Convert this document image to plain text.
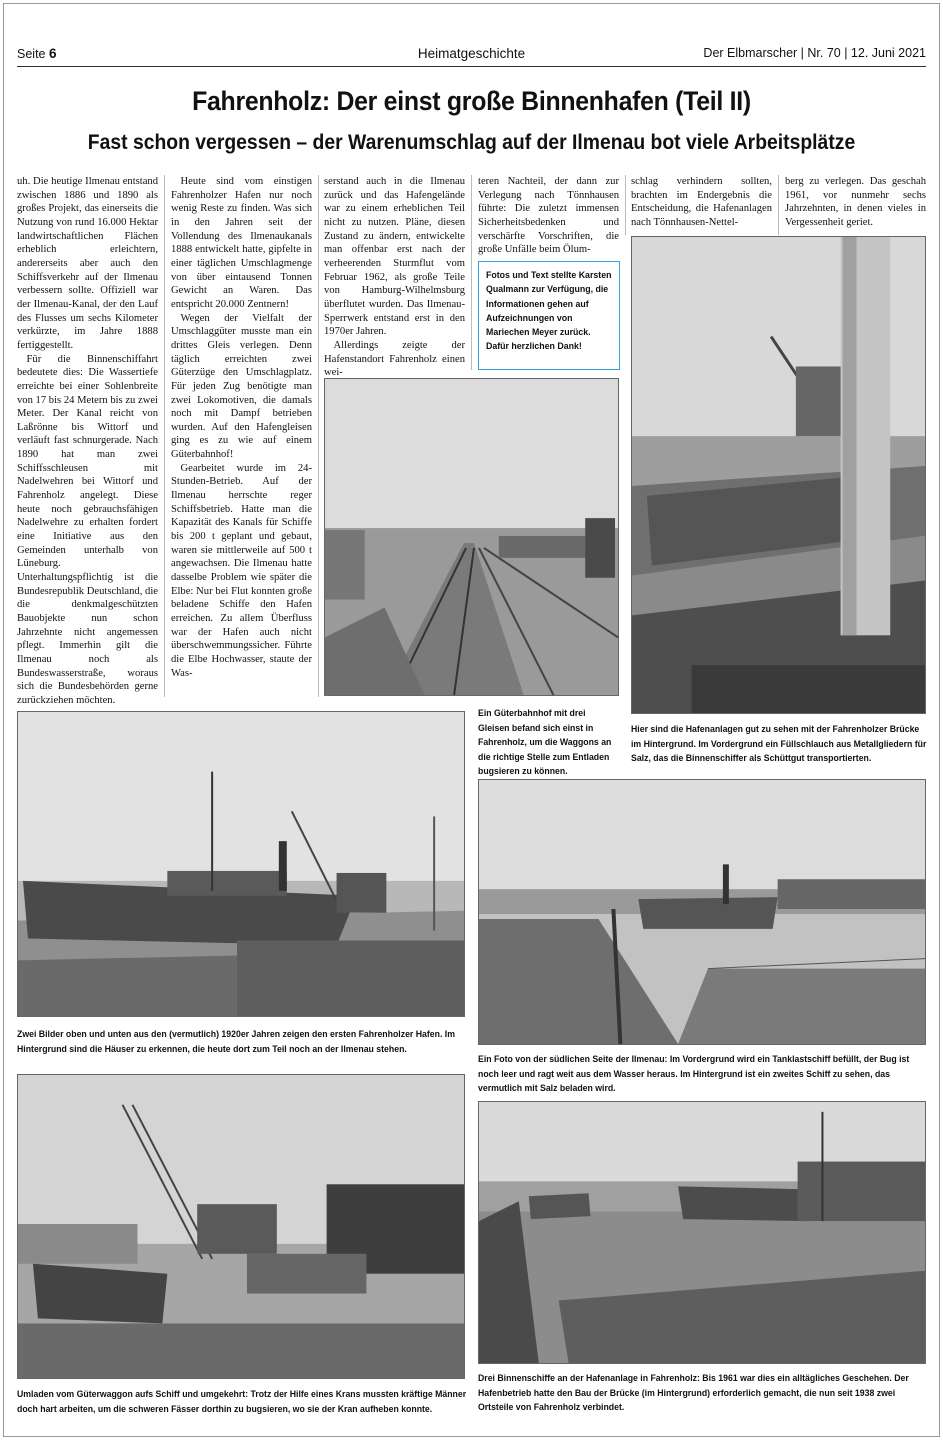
Seite 6	Heimatgeschichte	Der Elbmarscher | Nr. 70 | 12. Juni 2021
Fahrenholz: Der einst große Binnenhafen (Teil II)
Fast schon vergessen – der Warenumschlag auf der Ilmenau bot viele Arbeitsplätze

uh. Die heutige Ilmenau entstand zwischen 1886 und 1890 als großes Projekt, das einerseits die Nutzung von rund 16.000 Hektar landwirtschaftlichen Flächen erheblich erleichtern, andererseits aber auch den Schiffsverkehr auf der Ilmenau verbessern sollte. Offiziell war der Ilmenau-Kanal, der den Lauf des Flusses um sechs Kilometer verkürzte, im Jahre 1888 fertiggestellt.

Für die Binnenschiffahrt bedeutete dies: Die Wassertiefe erreichte bei einer Sohlenbreite von 17 bis 24 Metern bis zu zwei Meter. Der Kanal reicht von Laßrönne bis Wittorf und verläuft fast schnurgerade. Nach 1890 hat man zwei Schiffsschleusen mit Nadelwehren bei Wittorf und Fahrenholz angelegt. Diese heute noch gebrauchsfähigen Nadelwehre zu erhalten fordert eine Initiative aus den Gemeinden unterhalb von Lüneburg. Unterhaltungspflichtig ist die Bundesrepublik Deutschland, die die denkmalgeschützten Bauobjekte nun schon Jahrzehnte nicht angemessen pflegt. Immerhin gilt die Ilmenau noch als Bundeswasserstraße, woraus sich die Bundesbehörden gerne zurückziehen möchten.

Heute sind vom einstigen Fahrenholzer Hafen nur noch wenig Reste zu finden. Was sich in den Jahren seit der Vollendung des Ilmenaukanals 1888 entwickelt hatte, gipfelte in einer täglichen Umschlagmenge von über eintausend Tonnen Gewicht an Waren. Das entspricht 20.000 Zentnern!

Wegen der Vielfalt der Umschlaggüter musste man ein drittes Gleis verlegen. Denn täglich erreichten zwei Güterzüge den Umschlagplatz. Für jeden Zug benötigte man zwei Lokomotiven, die damals noch mit Dampf betrieben wurden. Auf den Hafengleisen ging es zu wie auf einem Güterbahnhof!

Gearbeitet wurde im 24-Stunden-Betrieb. Auf der Ilmenau herrschte reger Schiffsbetrieb. Hatte man die Kapazität des Kanals für Schiffe bis 200 t geplant und gebaut, waren sie mittlerweile auf 500 t angewachsen. Die Ilmenau hatte dasselbe Problem wie später die Elbe: Nur bei Flut konnten große beladene Schiffe den Hafen erreichen. Zu allem Überfluss war der Hafen auch nicht überschwemmungssicher. Führte die Elbe Hochwasser, staute der Was-

serstand auch in die Ilmenau zurück und das Hafengelände war zu einem erheblichen Teil nicht zu nutzen. Pläne, diesen Zustand zu ändern, entwickelte man offenbar erst nach der verheerenden Sturmflut vom Februar 1962, als große Teile von Hamburg-Wilhelmsburg überflutet wurden. Das Ilmenau-Sperrwerk entstand erst in den 1970er Jahren.

Allerdings zeigte der Hafenstandort Fahrenholz einen wei-

teren Nachteil, der dann zur Verlegung nach Tönnhausen führte: Die zuletzt immensen Sicherheitsbedenken und verschärfte Vorschriften, die große Unfälle beim Ölum-

schlag verhindern sollten, brachten im Endergebnis die Entscheidung, die Hafenanlagen nach Tönnhausen-Nettel-

berg zu verlegen. Das geschah 1961, vor nunmehr sechs Jahrzehnten, in denen vieles in Vergessenheit geriet.

Fotos und Text stellte Karsten Qualmann zur Verfügung, die Informationen gehen auf Aufzeichnungen von Mariechen Meyer zurück. Dafür herzlichen Dank!
Ein Güterbahnhof mit drei Gleisen befand sich einst in Fahrenholz, um die Waggons an die richtige Stelle zum Entladen bugsieren zu können.
Hier sind die Hafenanlagen gut zu sehen mit der Fahrenholzer Brücke im Hintergrund. Im Vordergrund ein Füllschlauch aus Metallgliedern für Salz, das die Binnenschiffer als Schüttgut transportierten.
Zwei Bilder oben und unten aus den (vermutlich) 1920er Jahren zeigen den ersten Fahrenholzer Hafen. Im Hintergrund sind die Häuser zu erkennen, die heute dort zum Teil noch an der Ilmenau stehen.
Ein Foto von der südlichen Seite der Ilmenau: Im Vordergrund wird ein Tanklastschiff befüllt, der Bug ist noch leer und ragt weit aus dem Wasser heraus. Im Hintergrund ist ein zweites Schiff zu sehen, das vermutlich mit Salz beladen wird.
Umladen vom Güterwaggon aufs Schiff und umgekehrt: Trotz der Hilfe eines Krans mussten kräftige Männer doch hart arbeiten, um die schweren Fässer dorthin zu bugsieren, wo sie der Kran aufheben konnte.
Drei Binnenschiffe an der Hafenanlage in Fahrenholz: Bis 1961 war dies ein alltägliches Geschehen. Der Hafenbetrieb hatte den Bau der Brücke (im Hintergrund) erforderlich gemacht, die nun seit 1938 zwei Ortsteile von Fahrenholz verbindet.
